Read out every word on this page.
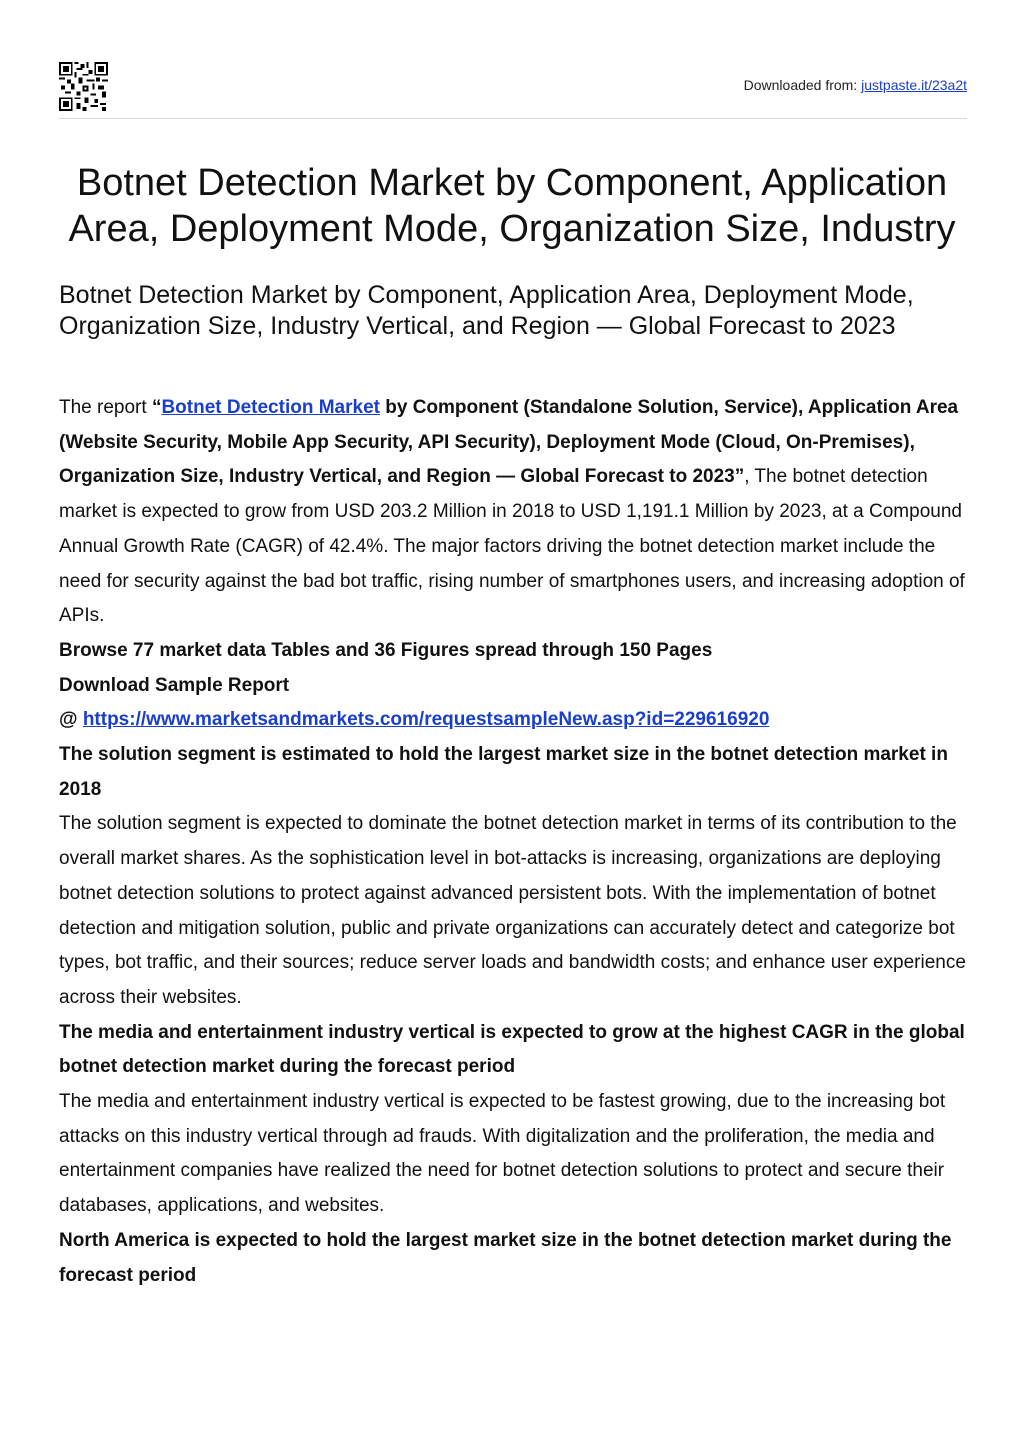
Downloaded from: justpaste.it/23a2t
Botnet Detection Market by Component, Application Area, Deployment Mode, Organization Size, Industry
Botnet Detection Market by Component, Application Area, Deployment Mode, Organization Size, Industry Vertical, and Region — Global Forecast to 2023

The report “Botnet Detection Market by Component (Standalone Solution, Service), Application Area (Website Security, Mobile App Security, API Security), Deployment Mode (Cloud, On-Premises), Organization Size, Industry Vertical, and Region — Global Forecast to 2023”, The botnet detection market is expected to grow from USD 203.2 Million in 2018 to USD 1,191.1 Million by 2023, at a Compound Annual Growth Rate (CAGR) of 42.4%. The major factors driving the botnet detection market include the need for security against the bad bot traffic, rising number of smartphones users, and increasing adoption of APIs.

Browse 77 market data Tables and 36 Figures spread through 150 Pages

Download Sample Report

@ https://www.marketsandmarkets.com/requestsampleNew.asp?id=229616920

The solution segment is estimated to hold the largest market size in the botnet detection market in 2018

The solution segment is expected to dominate the botnet detection market in terms of its contribution to the overall market shares. As the sophistication level in bot-attacks is increasing, organizations are deploying botnet detection solutions to protect against advanced persistent bots. With the implementation of botnet detection and mitigation solution, public and private organizations can accurately detect and categorize bot types, bot traffic, and their sources; reduce server loads and bandwidth costs; and enhance user experience across their websites.

The media and entertainment industry vertical is expected to grow at the highest CAGR in the global botnet detection market during the forecast period

The media and entertainment industry vertical is expected to be fastest growing, due to the increasing bot attacks on this industry vertical through ad frauds. With digitalization and the proliferation, the media and entertainment companies have realized the need for botnet detection solutions to protect and secure their databases, applications, and websites.

North America is expected to hold the largest market size in the botnet detection market during the forecast period
